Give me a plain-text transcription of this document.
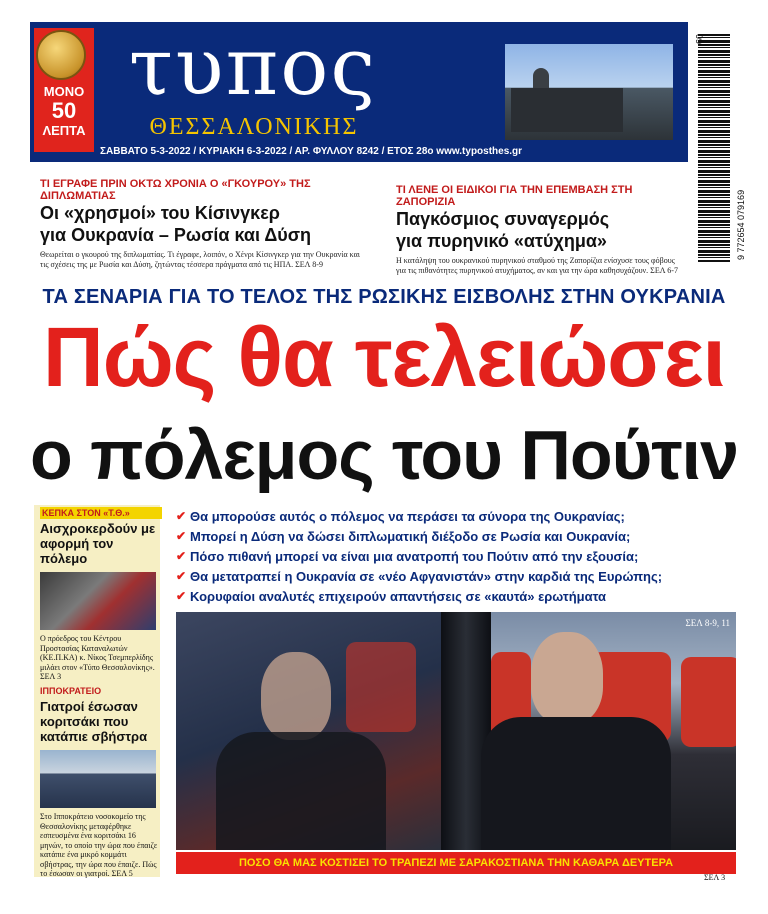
ΜΟΝΟ
50
ΛΕΠΤΑ
τυπος
ΘΕΣΣΑΛΟΝΙΚΗΣ
ΣΑΒΒΑΤΟ 5-3-2022 / ΚΥΡΙΑΚΗ 6-3-2022 / ΑΡ. ΦΥΛΛΟΥ 8242 / ΕΤΟΣ 28ο www.typosthes.gr
9 772654 079169
09
ΤΙ ΕΓΡΑΦΕ ΠΡΙΝ ΟΚΤΩ ΧΡΟΝΙΑ Ο «ΓΚΟΥΡΟΥ» ΤΗΣ ΔΙΠΛΩΜΑΤΙΑΣ
Οι «χρησμοί» του Κίσινγκερ
για Ουκρανία – Ρωσία και Δύση
Θεωρείται ο γκουρού της διπλωματίας. Τι έγραφε, λοιπόν, ο Χένρι Κίσινγκερ για την Ουκρανία και τις σχέσεις της με Ρωσία και Δύση, ζητώντας τέσσερα πράγματα από τις ΗΠΑ. ΣΕΛ 8-9
ΤΙ ΛΕΝΕ ΟΙ ΕΙΔΙΚΟΙ ΓΙΑ ΤΗΝ ΕΠΕΜΒΑΣΗ ΣΤΗ ΖΑΠΟΡΙΖΙΑ
Παγκόσμιος συναγερμός
για πυρηνικό «ατύχημα»
Η κατάληψη του ουκρανικού πυρηνικού σταθμού της Ζαπορίζια ενίσχυσε τους φόβους για τις πιθανότητες πυρηνικού ατυχήματος, αν και για την ώρα καθησυχάζουν. ΣΕΛ 6-7
ΤΑ ΣΕΝΑΡΙΑ ΓΙΑ ΤΟ ΤΕΛΟΣ ΤΗΣ ΡΩΣΙΚΗΣ ΕΙΣΒΟΛΗΣ ΣΤΗΝ ΟΥΚΡΑΝΙΑ
Πώς θα τελειώσει
ο πόλεμος του Πούτιν
ΚΕΠΚΑ ΣΤΟΝ «Τ.Θ.»
Αισχροκερδούν με αφορμή τον πόλεμο
Ο πρόεδρος του Κέντρου Προστασίας Καταναλωτών (ΚΕ.Π.ΚΑ) κ. Νίκος Τσεμπερλίδης μιλάει στον «Τύπο Θεσσαλονίκης». ΣΕΛ 3
ΙΠΠΟΚΡΑΤΕΙΟ
Γιατροί έσωσαν κοριτσάκι που κατάπιε σβήστρα
Στο Ιπποκράτειο νοσοκομείο της Θεσσαλονίκης μεταφέρθηκε εσπευσμένα ένα κοριτσάκι 16 μηνών, το οποίο την ώρα που έπαιζε κατάπιε ένα μικρό κομμάτι σβήστρας, την ώρα που έπαιζε. Πώς το έσωσαν οι γιατροί. ΣΕΛ 5
✔ Θα μπορούσε αυτός ο πόλεμος να περάσει τα σύνορα της Ουκρανίας;
✔ Μπορεί η Δύση να δώσει διπλωματική διέξοδο σε Ρωσία και Ουκρανία;
✔ Πόσο πιθανή μπορεί να είναι μια ανατροπή του Πούτιν από την εξουσία;
✔ Θα μετατραπεί η Ουκρανία σε «νέο Αφγανιστάν» στην καρδιά της Ευρώπης;
✔ Κορυφαίοι αναλυτές επιχειρούν απαντήσεις σε «καυτά» ερωτήματα
ΣΕΛ 8-9, 11
ΠΟΣΟ ΘΑ ΜΑΣ ΚΟΣΤΙΣΕΙ ΤΟ ΤΡΑΠΕΖΙ ΜΕ ΣΑΡΑΚΟΣΤΙΑΝΑ ΤΗΝ ΚΑΘΑΡΑ ΔΕΥΤΕΡΑ
ΣΕΛ 3
